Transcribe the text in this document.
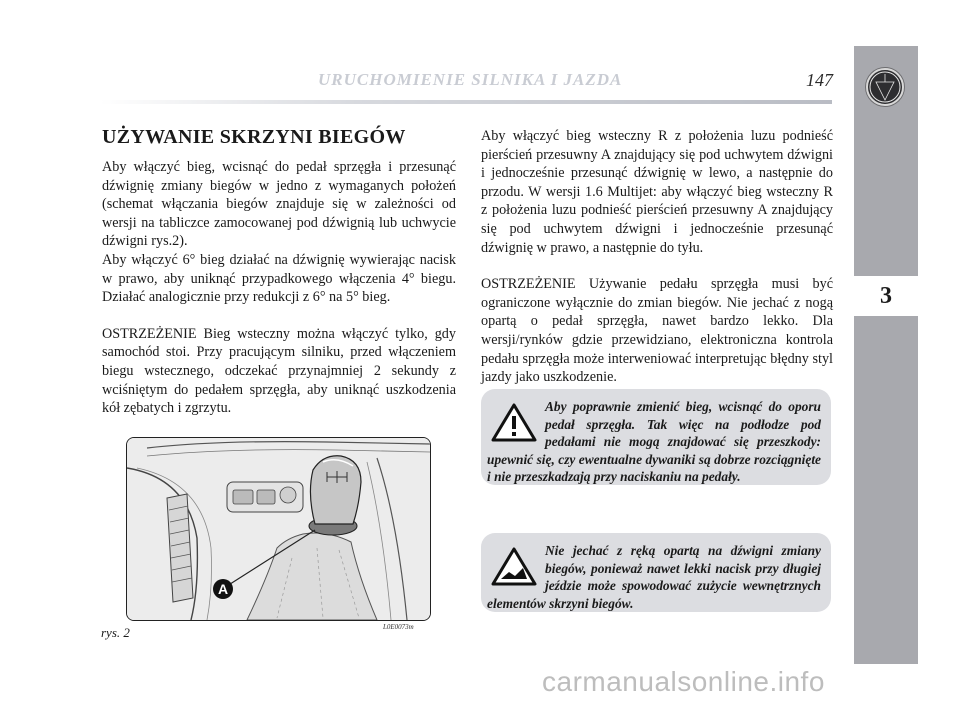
URUCHOMIENIE SILNIKA I JAZDA	147
3
UŻYWANIE SKRZYNI BIEGÓW

Aby włączyć bieg, wcisnąć do pedał sprzęgła i przesunąć dźwignię zmiany biegów w jedno z wymaganych położeń (schemat włączania biegów znajduje się w zależności od wersji na tabliczce zamocowanej pod dźwignią lub uchwycie dźwigni rys.2).

Aby włączyć 6° bieg działać na dźwignię wywierając nacisk w prawo, aby uniknąć przypadkowego włączenia 4° biegu. Działać analogicznie przy redukcji z 6° na 5° bieg.

OSTRZEŻENIE Bieg wsteczny można włączyć tylko, gdy samochód stoi. Przy pracującym silniku, przed włączeniem biegu wstecznego, odczekać przynajmniej 2 sekundy z wciśniętym do pedałem sprzęgła, aby uniknąć uszkodzenia kół zębatych i zgrzytu.

Aby włączyć bieg wsteczny R z położenia luzu podnieść pierścień przesuwny A znajdujący się pod uchwytem dźwigni i jednocześnie przesunąć dźwignię w lewo, a następnie do przodu. W wersji 1.6 Multijet: aby włączyć bieg wsteczny R z położenia luzu podnieść pierścień przesuwny A znajdujący się pod uchwytem dźwigni i jednocześnie przesunąć dźwignię w prawo, a następnie do tyłu.

OSTRZEŻENIE Używanie pedału sprzęgła musi być ograniczone wyłącznie do zmian biegów. Nie jechać z nogą opartą o pedał sprzęgła, nawet bardzo lekko. Dla wersji/rynków gdzie przewidziano, elektroniczna kontrola pedału sprzęgła może interweniować interpretując błędny styl jazdy jako uszkodzenie.

A
rys. 2	L0E0073m
Aby poprawnie zmienić bieg, wcisnąć do oporu pedał sprzęgła. Tak więc na podłodze pod pedałami nie mogą znajdować się przeszkody: upewnić się, czy ewentualne dywaniki są dobrze rozciągnięte i nie przeszkadzają przy naciskaniu na pedały.
Nie jechać z ręką opartą na dźwigni zmiany biegów, ponieważ nawet lekki nacisk przy długiej jeździe może spowodować zużycie wewnętrznych elementów skrzyni biegów.
carmanualsonline.info
